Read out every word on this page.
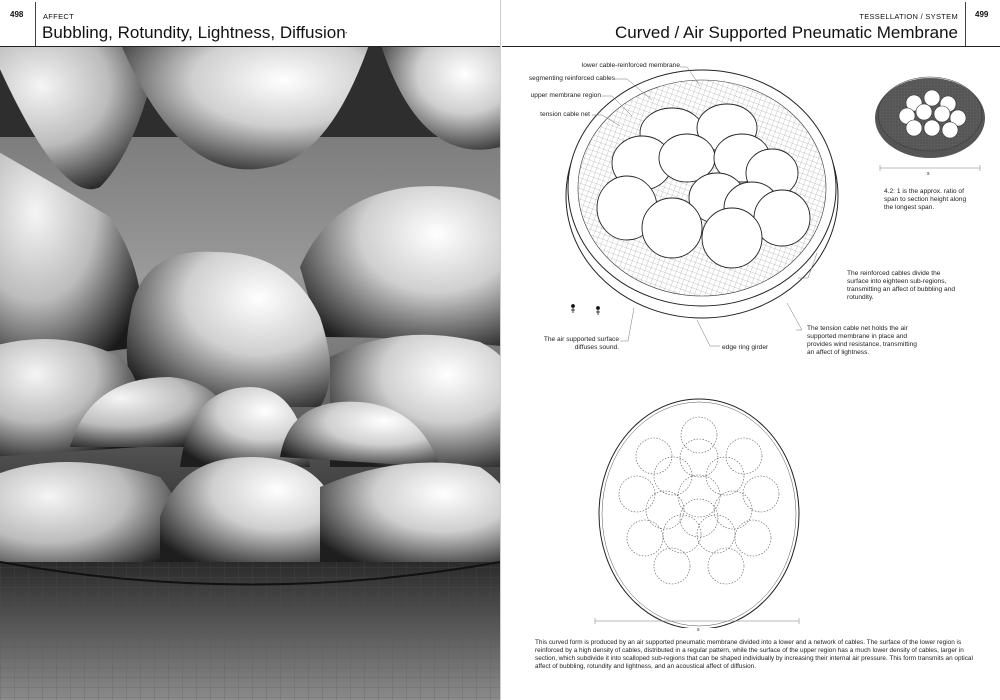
498	AFFECT
Bubbling, Rotundity, Lightness, Diffusion⸼
TESSELLATION / SYSTEM
Curved / Air Supported Pneumatic Membrane
499
lower cable-reinforced membrane
segmenting reinforced cables
upper membrane region
tension cable net
The air supported surface diffuses sound.	edge ring girder
The reinforced cables divide the surface into eighteen sub-regions, transmitting an affect of bubbling and rotundity.
The tension cable net holds the air supported membrane in place and provides wind resistance, transmitting an affect of lightness.
4.2: 1 is the approx. ratio of span to section height along the longest span.
s
s
This curved form is produced by an air supported pneumatic membrane divided into a lower and a network of cables. The surface of the lower region is reinforced by a high density of cables, distributed in a regular pattern, while the surface of the upper region has a much lower density of cables, larger in section, which subdivide it into scalloped sub-regions that can be shaped individually by increasing their internal air pressure. This form transmits an optical affect of bubbling, rotundity and lightness, and an acoustical affect of diffusion.
